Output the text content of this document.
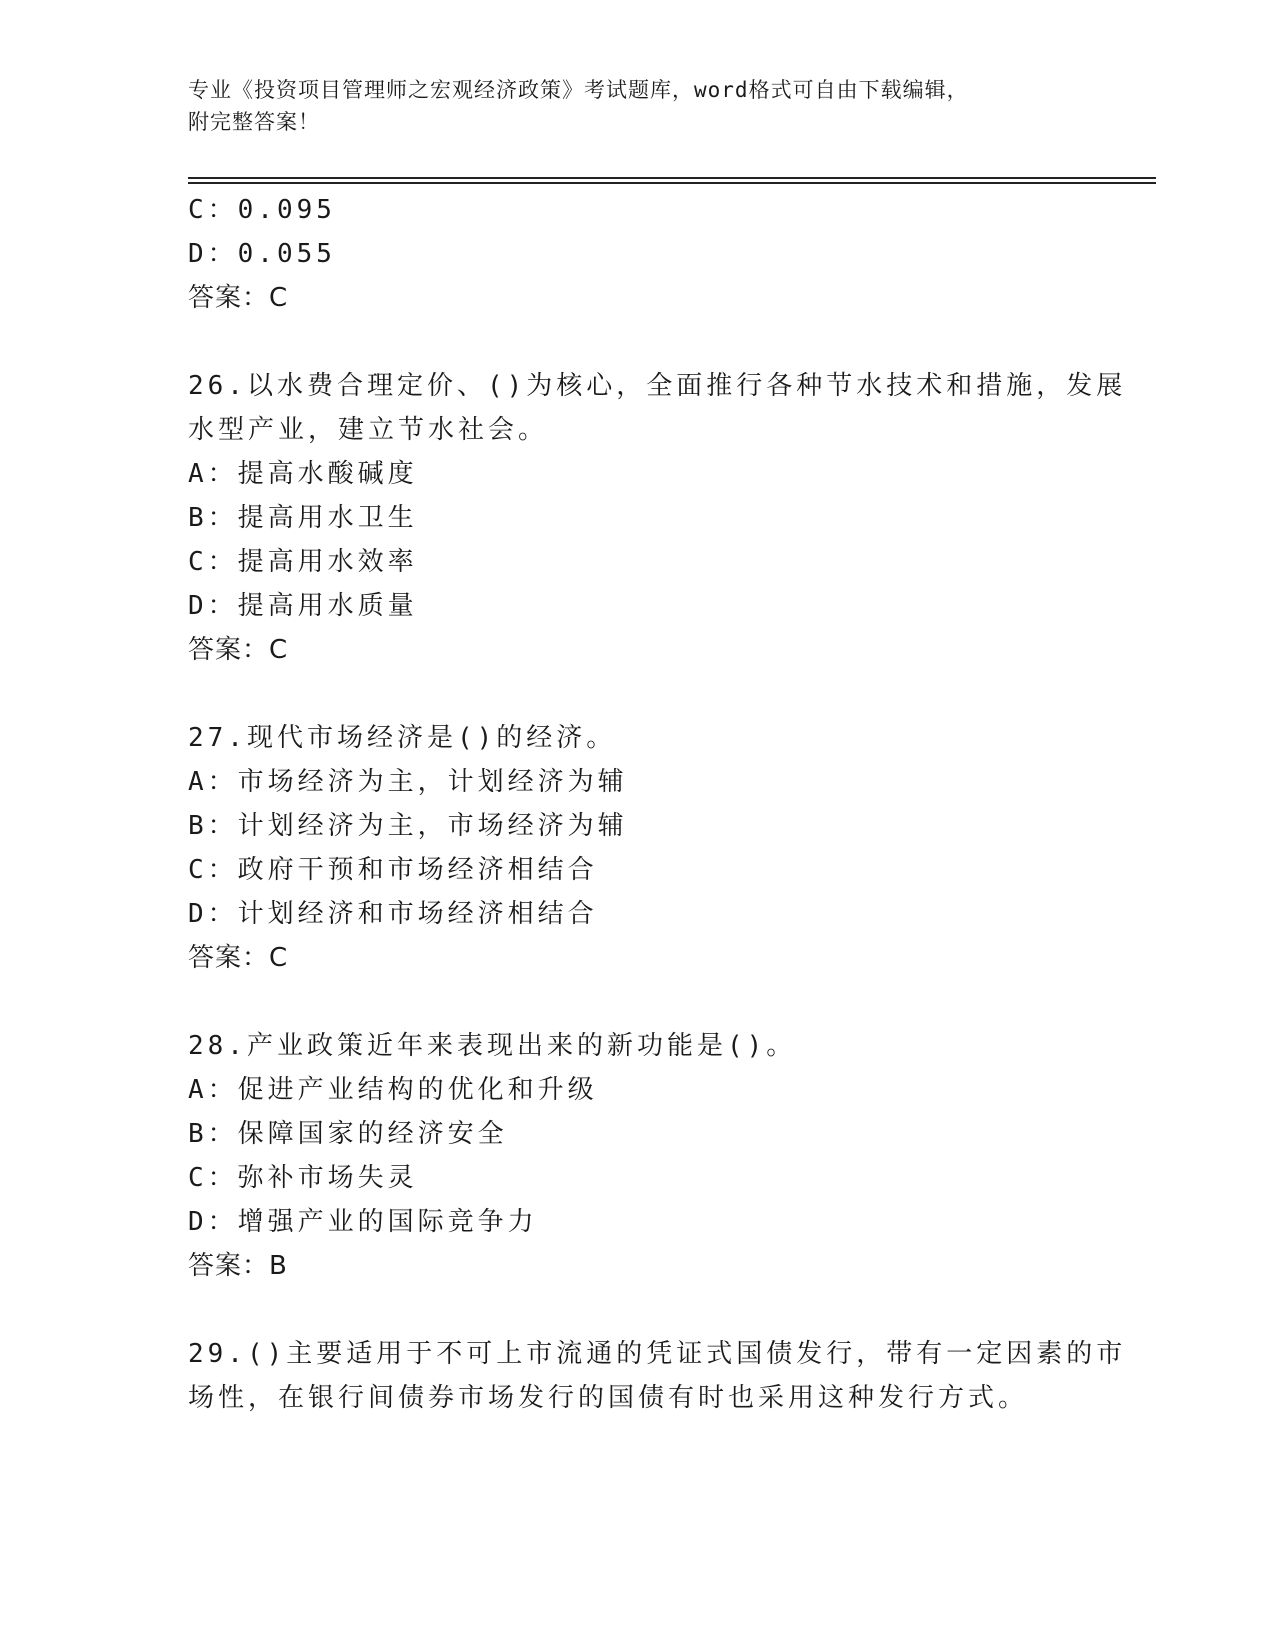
专业《投资项目管理师之宏观经济政策》考试题库，word格式可自由下载编辑，
附完整答案！
C：0.095
D：0.055
答案：C
26.以水费合理定价、()为核心，全面推行各种节水技术和措施，发展
水型产业，建立节水社会。
A：提高水酸碱度
B：提高用水卫生
C：提高用水效率
D：提高用水质量
答案：C
27.现代市场经济是()的经济。
A：市场经济为主，计划经济为辅
B：计划经济为主，市场经济为辅
C：政府干预和市场经济相结合
D：计划经济和市场经济相结合
答案：C
28.产业政策近年来表现出来的新功能是()。
A：促进产业结构的优化和升级
B：保障国家的经济安全
C：弥补市场失灵
D：增强产业的国际竞争力
答案：B
29.()主要适用于不可上市流通的凭证式国债发行，带有一定因素的市
场性，在银行间债券市场发行的国债有时也采用这种发行方式。
